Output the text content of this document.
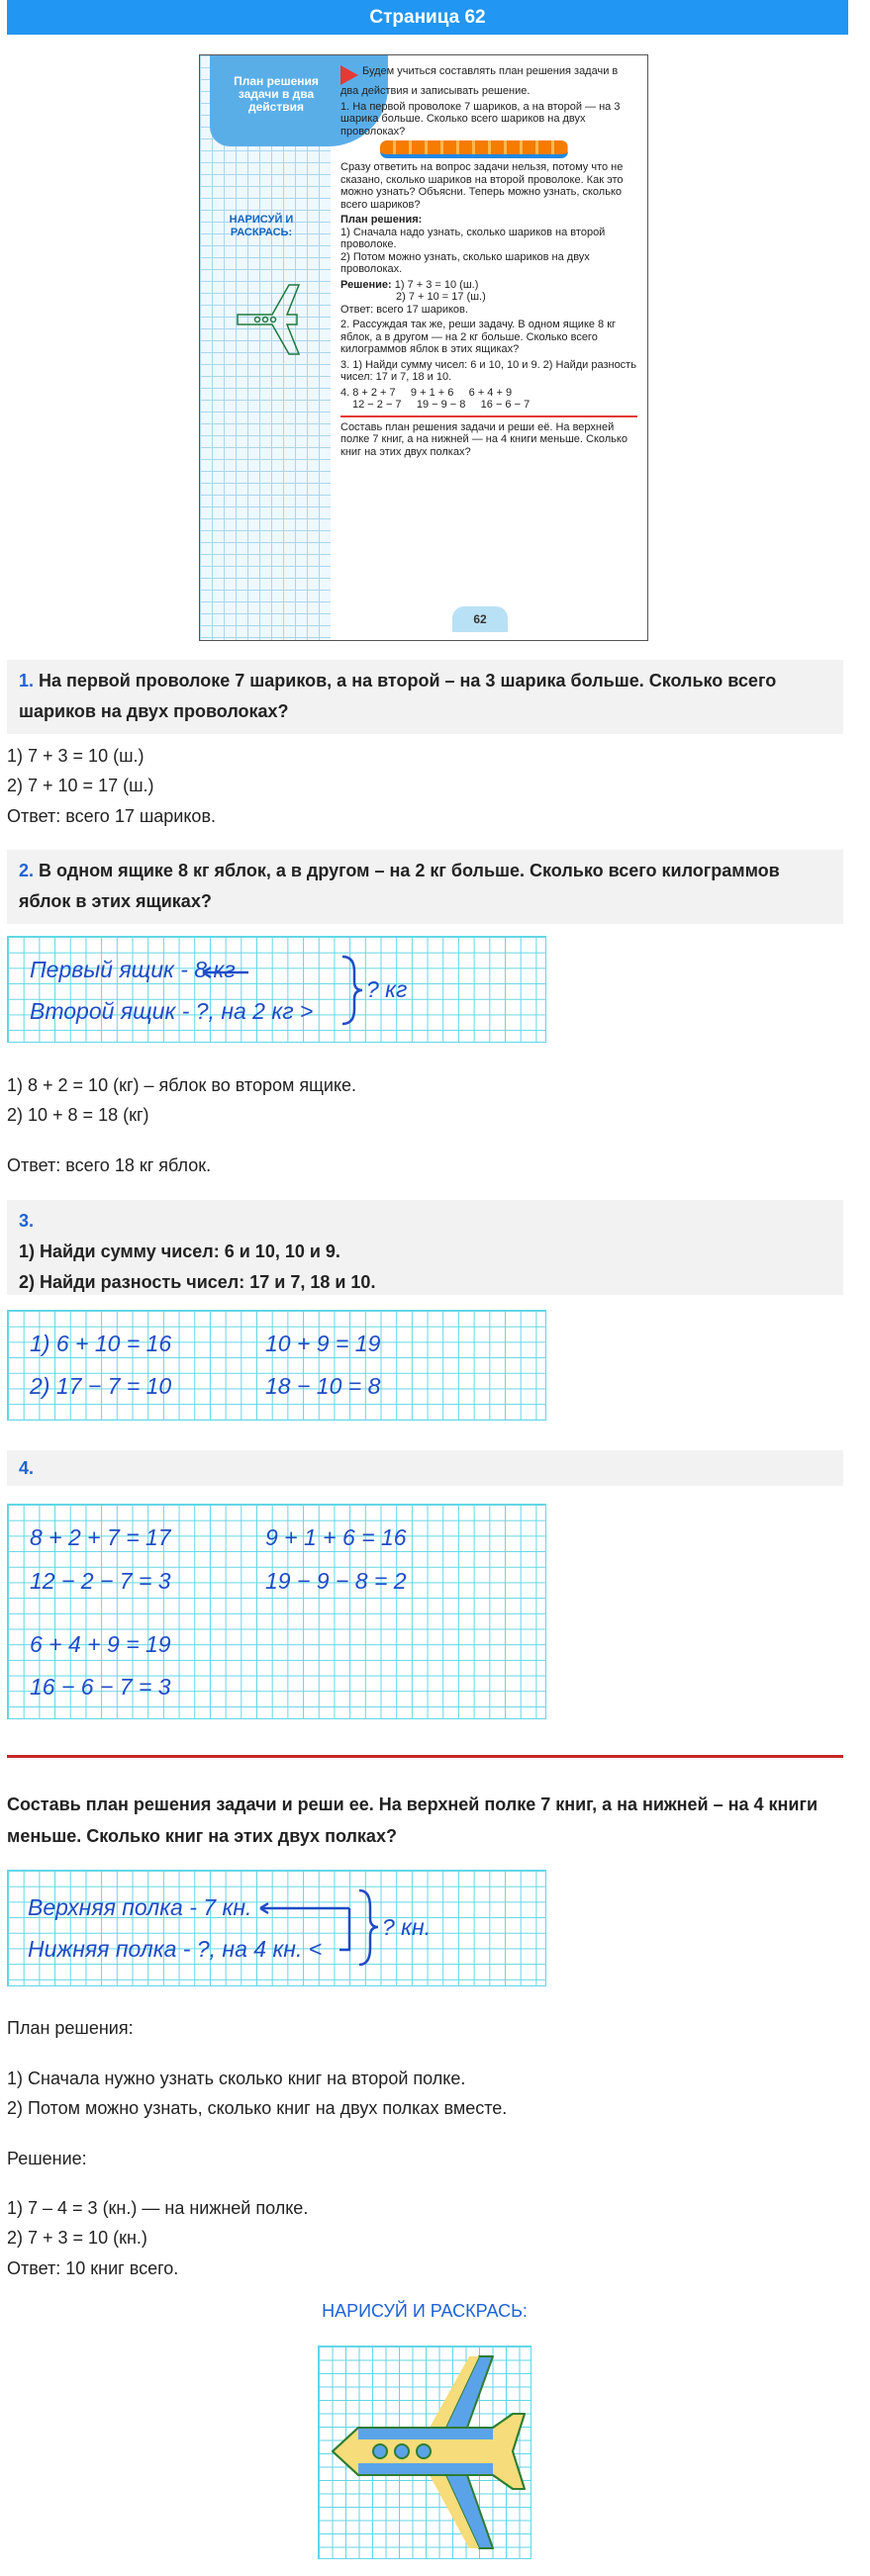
Страница 62
План решения задачи в два действия
НАРИСУЙ И РАСКРАСЬ:

Будем учиться составлять план решения задачи в два действия и записывать решение.

1. На первой проволоке 7 шариков, а на второй — на 3 шарика больше. Сколько всего шариков на двух проволоках?

Сразу ответить на вопрос задачи нельзя, потому что не сказано, сколько шариков на второй проволоке. Как это можно узнать? Объясни. Теперь можно узнать, сколько всего шариков?

План решения:

1) Сначала надо узнать, сколько шариков на второй проволоке.

2) Потом можно узнать, сколько шариков на двух проволоках.

Решение: 1) 7 + 3 = 10 (ш.)

2) 7 + 10 = 17 (ш.)

Ответ: всего 17 шариков.

2. Рассуждая так же, реши задачу. В одном ящике 8 кг яблок, а в другом — на 2 кг больше. Сколько всего килограммов яблок в этих ящиках?

3. 1) Найди сумму чисел: 6 и 10, 10 и 9. 2) Найди разность чисел: 17 и 7, 18 и 10.

4. 8 + 2 + 7     9 + 1 + 6     6 + 4 + 9

12 − 2 − 7     19 − 9 − 8     16 − 6 − 7

Составь план решения задачи и реши её. На верхней полке 7 книг, а на нижней — на 4 книги меньше. Сколько книг на этих двух полках?

62
1. На первой проволоке 7 шариков, а на второй – на 3 шарика больше. Сколько всего шариков на двух проволоках?
1) 7 + 3 = 10 (ш.)
2) 7 + 10 = 17 (ш.)
Ответ: всего 17 шариков.
2. В одном ящике 8 кг яблок, а в другом – на 2 кг больше. Сколько всего килограммов яблок в этих ящиках?
Первый ящик - 8 кг
Второй ящик - ?, на 2 кг >
? кг
1) 8 + 2 = 10 (кг) – яблок во втором ящике.
2) 10 + 8 = 18 (кг)
Ответ: всего 18 кг яблок.
3.
1) Найди сумму чисел: 6 и 10, 10 и 9.
2) Найди разность чисел: 17 и 7, 18 и 10.
1) 6 + 10 = 16	10 + 9 = 19
2) 17 − 7 = 10	18 − 10 = 8
4.
8 + 2 + 7 = 17	9 + 1 + 6 = 16
12 − 2 − 7 = 3	19 − 9 − 8 = 2
6 + 4 + 9 = 19
16 − 6 − 7 = 3
Составь план решения задачи и реши ее. На верхней полке 7 книг, а на нижней – на 4 книги меньше. Сколько книг на этих двух полках?
Верхняя полка - 7 кн.
Нижняя полка - ?, на 4 кн. <
? кн.
План решения:
1) Сначала нужно узнать сколько книг на второй полке.
2) Потом можно узнать, сколько книг на двух полках вместе.
Решение:
1) 7 – 4 = 3 (кн.) — на нижней полке.
2) 7 + 3 = 10 (кн.)
Ответ: 10 книг всего.
НАРИСУЙ И РАСКРАСЬ:
